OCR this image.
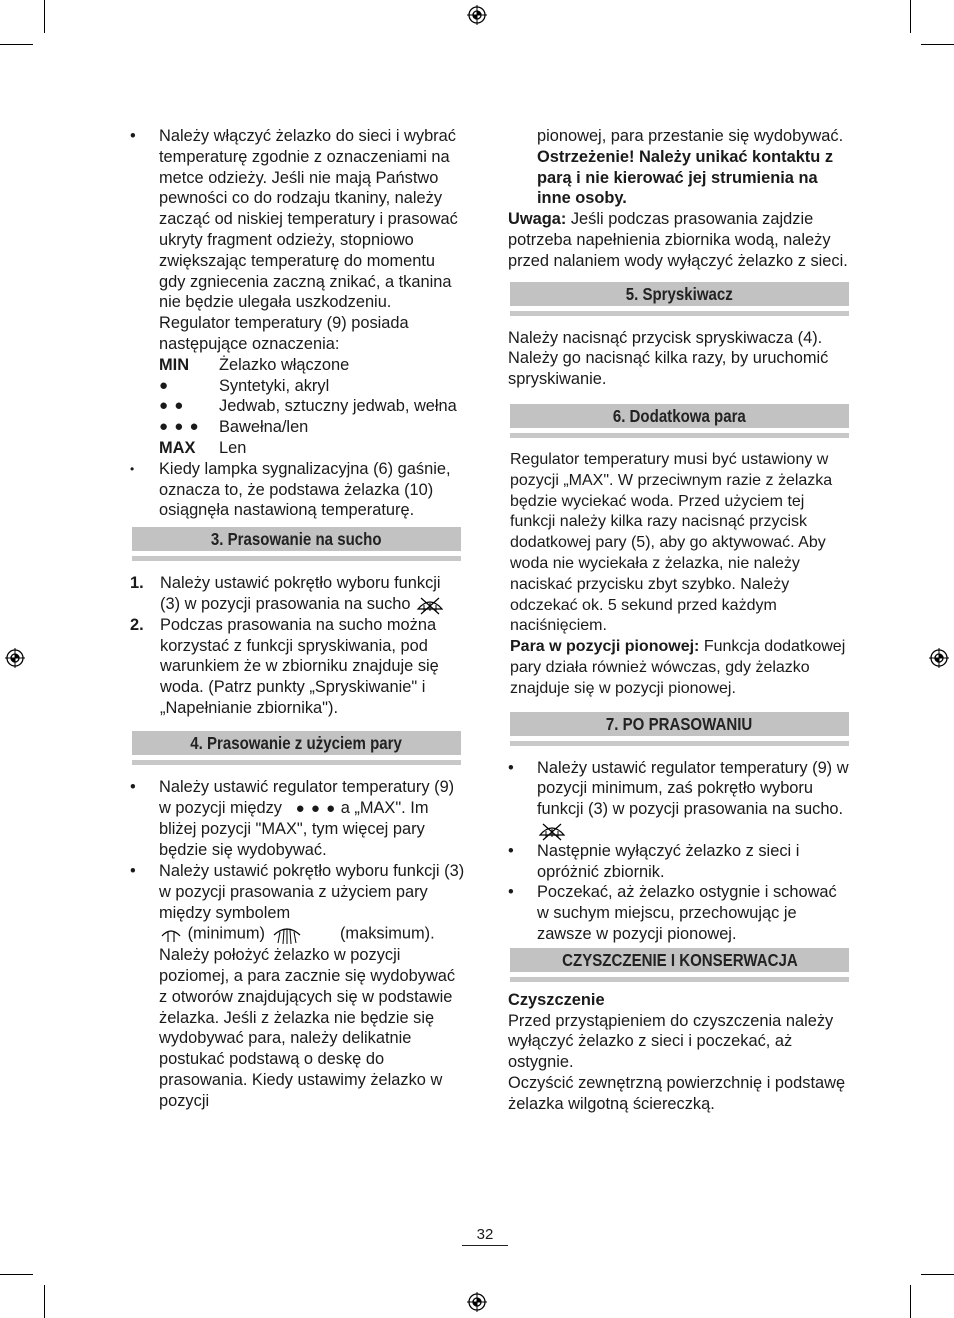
•	Należy włączyć żelazko do sieci i wybrać temperaturę zgodnie z oznaczeniami na metce odzieży. Jeśli nie mają Państwo pewności co do rodzaju tkaniny, należy zacząć od niskiej temperatury i prasować ukryty fragment odzieży, stopniowo zwiększając temperaturę do momentu gdy zgniecenia zaczną znikać, a tkanina nie będzie ulegała uszkodzeniu. Regulator temperatury (9) posiada następujące oznaczenia:
MIN	Żelazko włączone
●	Syntetyki, akryl
● ●	Jedwab, sztuczny jedwab, wełna
● ● ●	Bawełna/len
MAX	Len
•	Kiedy lampka sygnalizacyjna (6) gaśnie, oznacza to, że podstawa żelazka (10) osiągnęła nastawioną temperaturę.
3. Prasowanie na sucho
1. Należy ustawić pokrętło wyboru funkcji (3) w pozycji prasowania na sucho
2. Podczas prasowania na sucho można korzystać z funkcji spryskiwania, pod warunkiem że w zbiorniku znajduje się woda. (Patrz punkty „Spryskiwanie" i „Napełnianie zbiornika").
4. Prasowanie z użyciem pary
•	Należy ustawić regulator temperatury (9) w pozycji między ● ● ● a „MAX". Im bliżej pozycji "MAX", tym więcej pary będzie się wydobywać.
•	Należy ustawić pokrętło wyboru funkcji (3) w pozycji prasowania z użyciem pary między symbolem
(minimum)	(maksimum).
Należy położyć żelazko w pozycji poziomej, a para zacznie się wydobywać z otworów znajdujących się w podstawie żelazka. Jeśli z żelazka nie będzie się wydobywać para, należy delikatnie postukać podstawą o deskę do prasowania. Kiedy ustawimy żelazko w pozycji
pionowej, para przestanie się wydobywać.
Ostrzeżenie! Należy unikać kontaktu z parą i nie kierować jej strumienia na inne osoby.
Uwaga: Jeśli podczas prasowania zajdzie potrzeba napełnienia zbiornika wodą, należy przed nalaniem wody wyłączyć żelazko z sieci.
5. Spryskiwacz
Należy nacisnąć przycisk spryskiwacza (4). Należy go nacisnąć kilka razy, by uruchomić spryskiwanie.
6. Dodatkowa para
Regulator temperatury musi być ustawiony w pozycji „MAX". W przeciwnym razie z żelazka będzie wyciekać woda. Przed użyciem tej funkcji należy kilka razy nacisnąć przycisk dodatkowej pary (5), aby go aktywować. Aby woda nie wyciekała z żelazka, nie należy naciskać przycisku zbyt szybko. Należy odczekać ok. 5 sekund przed każdym naciśnięciem.
Para w pozycji pionowej: Funkcja dodatkowej pary działa również wówczas, gdy żelazko znajduje się w pozycji pionowej.
7. PO PRASOWANIU
•	Należy ustawić regulator temperatury (9) w pozycji minimum, zaś pokrętło wyboru funkcji (3) w pozycji prasowania na sucho.
•	Następnie wyłączyć żelazko z sieci i opróżnić zbiornik.
•	Poczekać, aż żelazko ostygnie i schować w suchym miejscu, przechowując je zawsze w pozycji pionowej.
CZYSZCZENIE I KONSERWACJA
Czyszczenie
Przed przystąpieniem do czyszczenia należy wyłączyć żelazko z sieci i poczekać, aż ostygnie.
Oczyścić zewnętrzną powierzchnię i podstawę żelazka wilgotną ściereczką.
32
